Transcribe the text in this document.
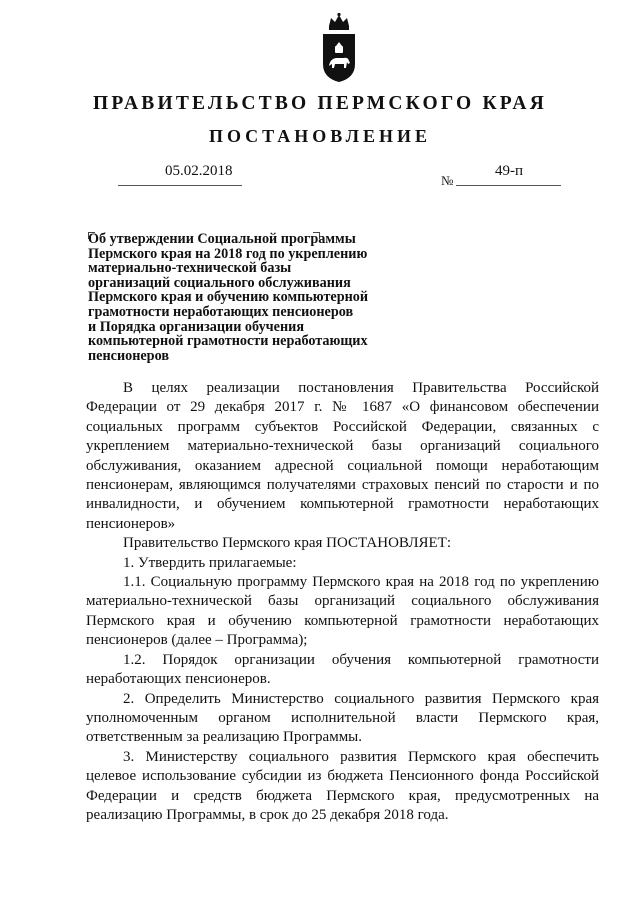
ПРАВИТЕЛЬСТВО ПЕРМСКОГО КРАЯ
ПОСТАНОВЛЕНИЕ
05.02.2018
№
49-п
Об утверждении Социальной программы
Пермского края на 2018 год по укреплению
материально-технической базы
организаций социального обслуживания
Пермского края и обучению компьютерной
грамотности неработающих пенсионеров
и Порядка организации обучения
компьютерной грамотности неработающих
пенсионеров

В целях реализации постановления Правительства Российской Федерации от 29 декабря 2017 г. № 1687 «О финансовом обеспечении социальных программ субъектов Российской Федерации, связанных с укреплением материально-технической базы организаций социального обслуживания, оказанием адресной социальной помощи неработающим пенсионерам, являющимся получателями страховых пенсий по старости и по инвалидности, и обучением компьютерной грамотности неработающих пенсионеров»

Правительство Пермского края ПОСТАНОВЛЯЕТ:

1. Утвердить прилагаемые:

1.1. Социальную программу Пермского края на 2018 год по укреплению материально-технической базы организаций социального обслуживания Пермского края и обучению компьютерной грамотности неработающих пенсионеров (далее – Программа);

1.2. Порядок организации обучения компьютерной грамотности неработающих пенсионеров.

2. Определить Министерство социального развития Пермского края уполномоченным органом исполнительной власти Пермского края, ответственным за реализацию Программы.

3. Министерству социального развития Пермского края обеспечить целевое использование субсидии из бюджета Пенсионного фонда Российской Федерации и средств бюджета Пермского края, предусмотренных на реализацию Программы, в срок до 25 декабря 2018 года.
